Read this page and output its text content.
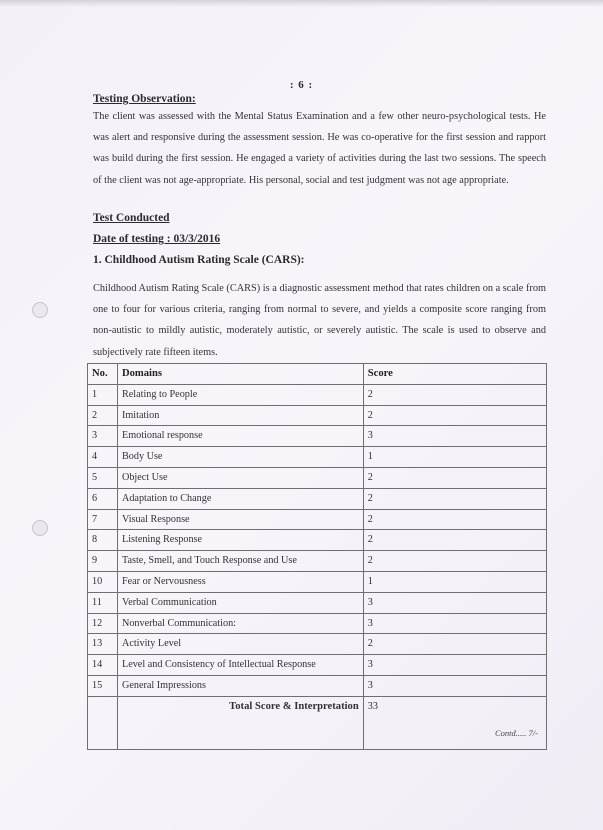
: 6 :
Testing Observation:
The client was assessed with the Mental Status Examination and a few other neuro-psychological tests. He was alert and responsive during the assessment session. He was co-operative for the first session and rapport was build during the first session. He engaged a variety of activities during the last two sessions. The speech of the client was not age-appropriate. His personal, social and test judgment was not age appropriate.
Test Conducted
Date of testing : 03/3/2016
1. Childhood Autism Rating Scale (CARS):
Childhood Autism Rating Scale (CARS) is a diagnostic assessment method that rates children on a scale from one to four for various criteria, ranging from normal to severe, and yields a composite score ranging from non-autistic to mildly autistic, moderately autistic, or severely autistic. The scale is used to observe and subjectively rate fifteen items.
No.	Domains	Score
1	Relating to People	2
2	Imitation	2
3	Emotional response	3
4	Body Use	1
5	Object Use	2
6	Adaptation to Change	2
7	Visual Response	2
8	Listening Response	2
9	Taste, Smell, and Touch Response and Use	2
10	Fear or Nervousness	1
11	Verbal Communication	3
12	Nonverbal Communication:	3
13	Activity Level	2
14	Level and Consistency of Intellectual Response	3
15	General Impressions	3

	Total Score & Interpretation	33
Contd..... 7/-
